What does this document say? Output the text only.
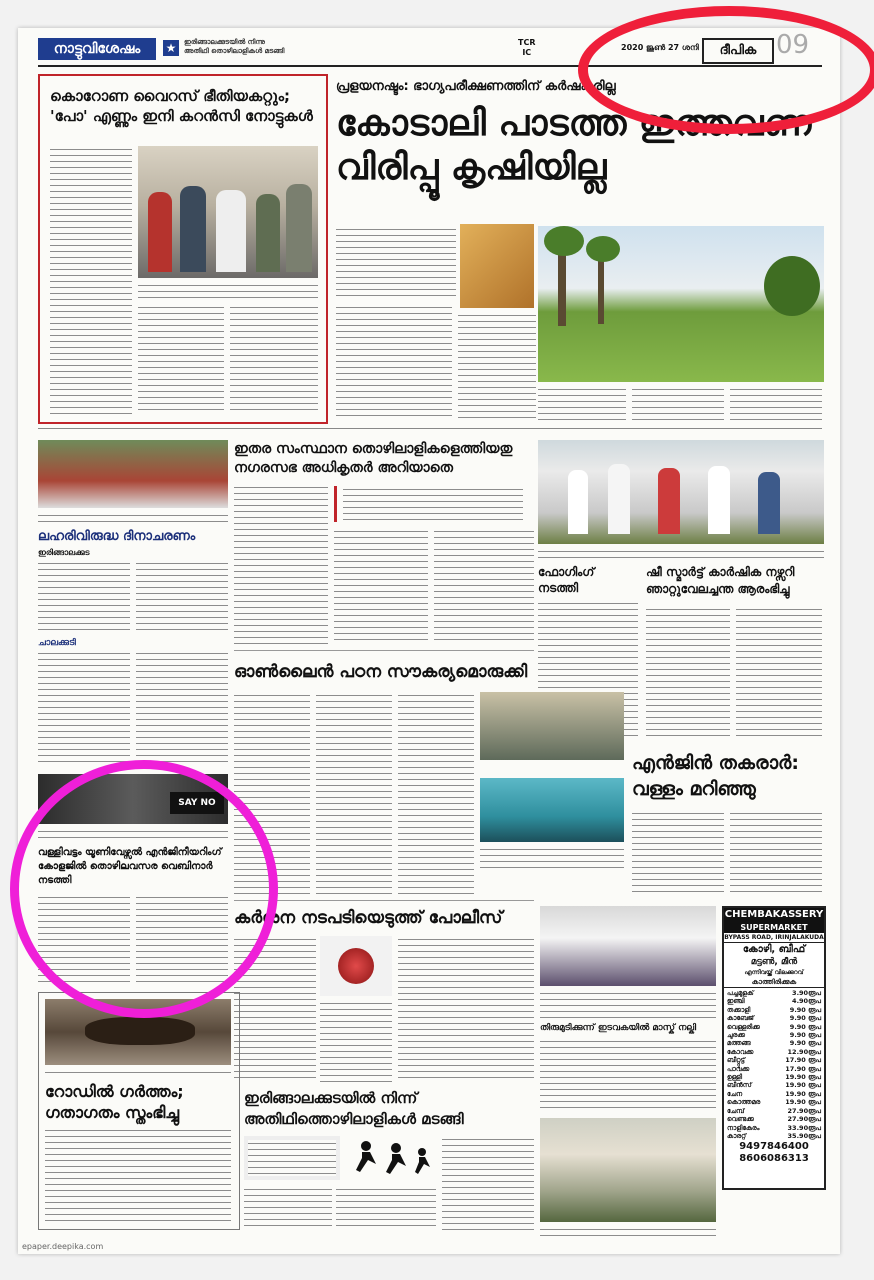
നാട്ടുവിശേഷം	★	ഇരിങ്ങാലക്കുടയിൽ നിന്നു
അതിഥി തൊഴിലാളികൾ മടങ്ങി
TCR
IC
2020 ജൂൺ 27 ശനി	ദീപിക 09
കൊറോണ വൈറസ് ഭീതിയകറ്റും;
'പോ' എണ്ണും ഇനി കറൻസി നോട്ടുകൾ
പ്രളയനഷ്ടം: ഭാഗ്യപരീക്ഷണത്തിന് കർഷകരില്ല
കോടാലി പാടത്ത ഇത്തവണ
വിരിപ്പൂ കൃഷിയില്ല
ലഹരിവിരുദ്ധ ദിനാചരണം
ഇരിങ്ങാലക്കുട
ചാലക്കുടി
ഇതര സംസ്ഥാന തൊഴിലാളികളെത്തിയതു
നഗരസഭ അധികൃതർ അറിയാതെ
ഫോഗിംഗ് നടത്തി
ഷീ സ്മാർട്ട് കാർഷിക നഴ്സറി ഞാറ്റുവേലച്ചന്ത ആരംഭിച്ചു
ഓൺലൈൻ പഠന സൗകര്യമൊരുക്കി
എൻജിൻ തകരാർ: വള്ളം മറിഞ്ഞു
SAY NO
വള്ളിവട്ടം യൂണിവേഴ്സൽ എൻജിനീയറിംഗ് കോളജിൽ തൊഴിലവസര വെബിനാർ നടത്തി
കർശന നടപടിയെടുത്ത് പോലീസ്
തിരുമുടിക്കുന്ന് ഇടവകയിൽ മാസ്ക് നല്കി
CHEMBAKASSERY
SUPERMARKET
BYPASS ROAD, IRINJALAKUDA
കോഴി, ബീഫ്
മട്ടൺ, മീൻ
എന്നിവയ്ക്ക് വിലക്കുറവ്
കാത്തിരിക്കുക
പച്ചമുളക്	3.90രൂപ
ഇഞ്ചി	4.90രൂപ
തക്കാളി	9.90 രൂപ
കാബേജ്	9.90 രൂപ
വെള്ളരിക്ക	9.90 രൂപ
ചുരക്ക	9.90 രൂപ
മത്തങ്ങ	9.90 രൂപ
കോവക്ക	12.90രൂപ
ബീറ്റ്റൂട്ട്	17.90 രൂപ
പാവക്ക	17.90 രൂപ
ഉള്ളി	19.90 രൂപ
ബീൻസ്	19.90 രൂപ
ചേന	19.90 രൂപ
കൊത്തമര	19.90 രൂപ
ചേമ്പ്	27.90രൂപ
വെണ്ടക്ക	27.90രൂപ
നാളികേരം	33.90രൂപ
കാരറ്റ്	35.90രൂപ
9497846400
8606086313
റോഡിൽ ഗർത്തം; ഗതാഗതം സ്തംഭിച്ചു
ഇരിങ്ങാലക്കുടയിൽ നിന്ന്
അതിഥിത്തൊഴിലാളികൾ മടങ്ങി
epaper.deepika.com
